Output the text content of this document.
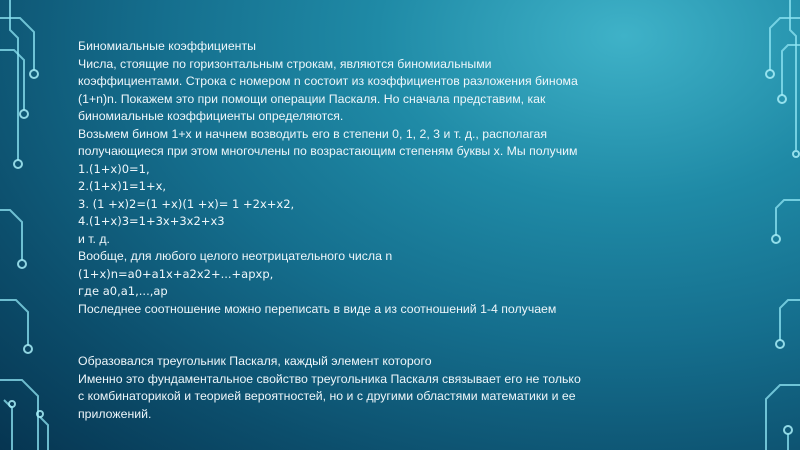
Биномиальные коэффициенты
Числа, стоящие по горизонтальным строкам, являются биномиальными
коэффициентами. Строка с номером n состоит из коэффициентов разложения бинома
(1+n)n. Покажем это при помощи операции Паскаля. Но сначала представим, как
биномиальные коэффициенты определяются.
Возьмем бином 1+x и начнем возводить его в степени 0, 1, 2, 3 и т. д., располагая
получающиеся при этом многочлены по возрастающим степеням буквы x. Мы получим
1.(1+x)0=1,
2.(1+x)1=1+x,
3. (1 +x)2=(1 +x)(1 +x)= 1 +2x+x2,
4.(1+x)3=1+3x+3x2+x3
и т. д.
Вообще, для любого целого неотрицательного числа n
(1+x)n=a0+a1x+a2x2+...+apxp,
где a0,a1,...,ap
Последнее соотношение можно переписать в виде a из соотношений 1-4 получаем
Образовался треугольник Паскаля, каждый элемент которого
Именно это фундаментальное свойство треугольника Паскаля связывает его не только
с комбинаторикой и теорией вероятностей, но и с другими областями математики и ее
приложений.
